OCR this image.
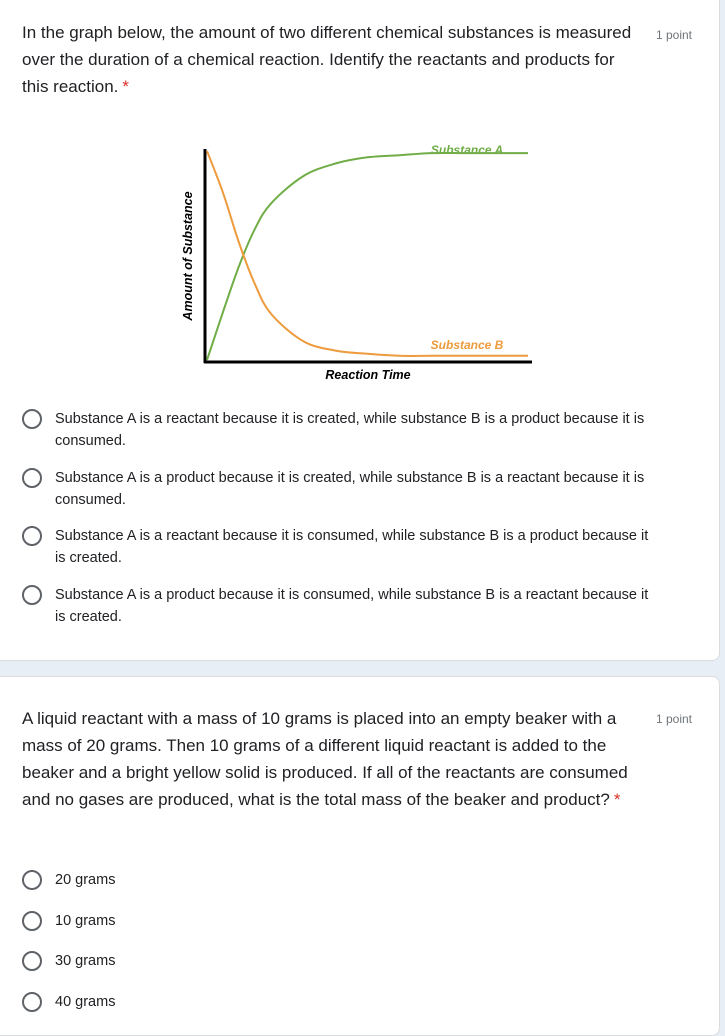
In the graph below, the amount of two different chemical substances is measured over the duration of a chemical reaction. Identify the reactants and products for this reaction. *

1 point
Substance A
Substance B
Reaction Time
Amount of Substance
Substance A is a reactant because it is created, while substance B is a product because it is consumed.
Substance A is a product because it is created, while substance B is a reactant because it is consumed.
Substance A is a reactant because it is consumed, while substance B is a product because it is created.
Substance A is a product because it is consumed, while substance B is a reactant because it is created.

A liquid reactant with a mass of 10 grams is placed into an empty beaker with a mass of 20 grams. Then 10 grams of a different liquid reactant is added to the beaker and a bright yellow solid is produced. If all of the reactants are consumed and no gases are produced, what is the total mass of the beaker and product? *

1 point
20 grams
10 grams
30 grams
40 grams
